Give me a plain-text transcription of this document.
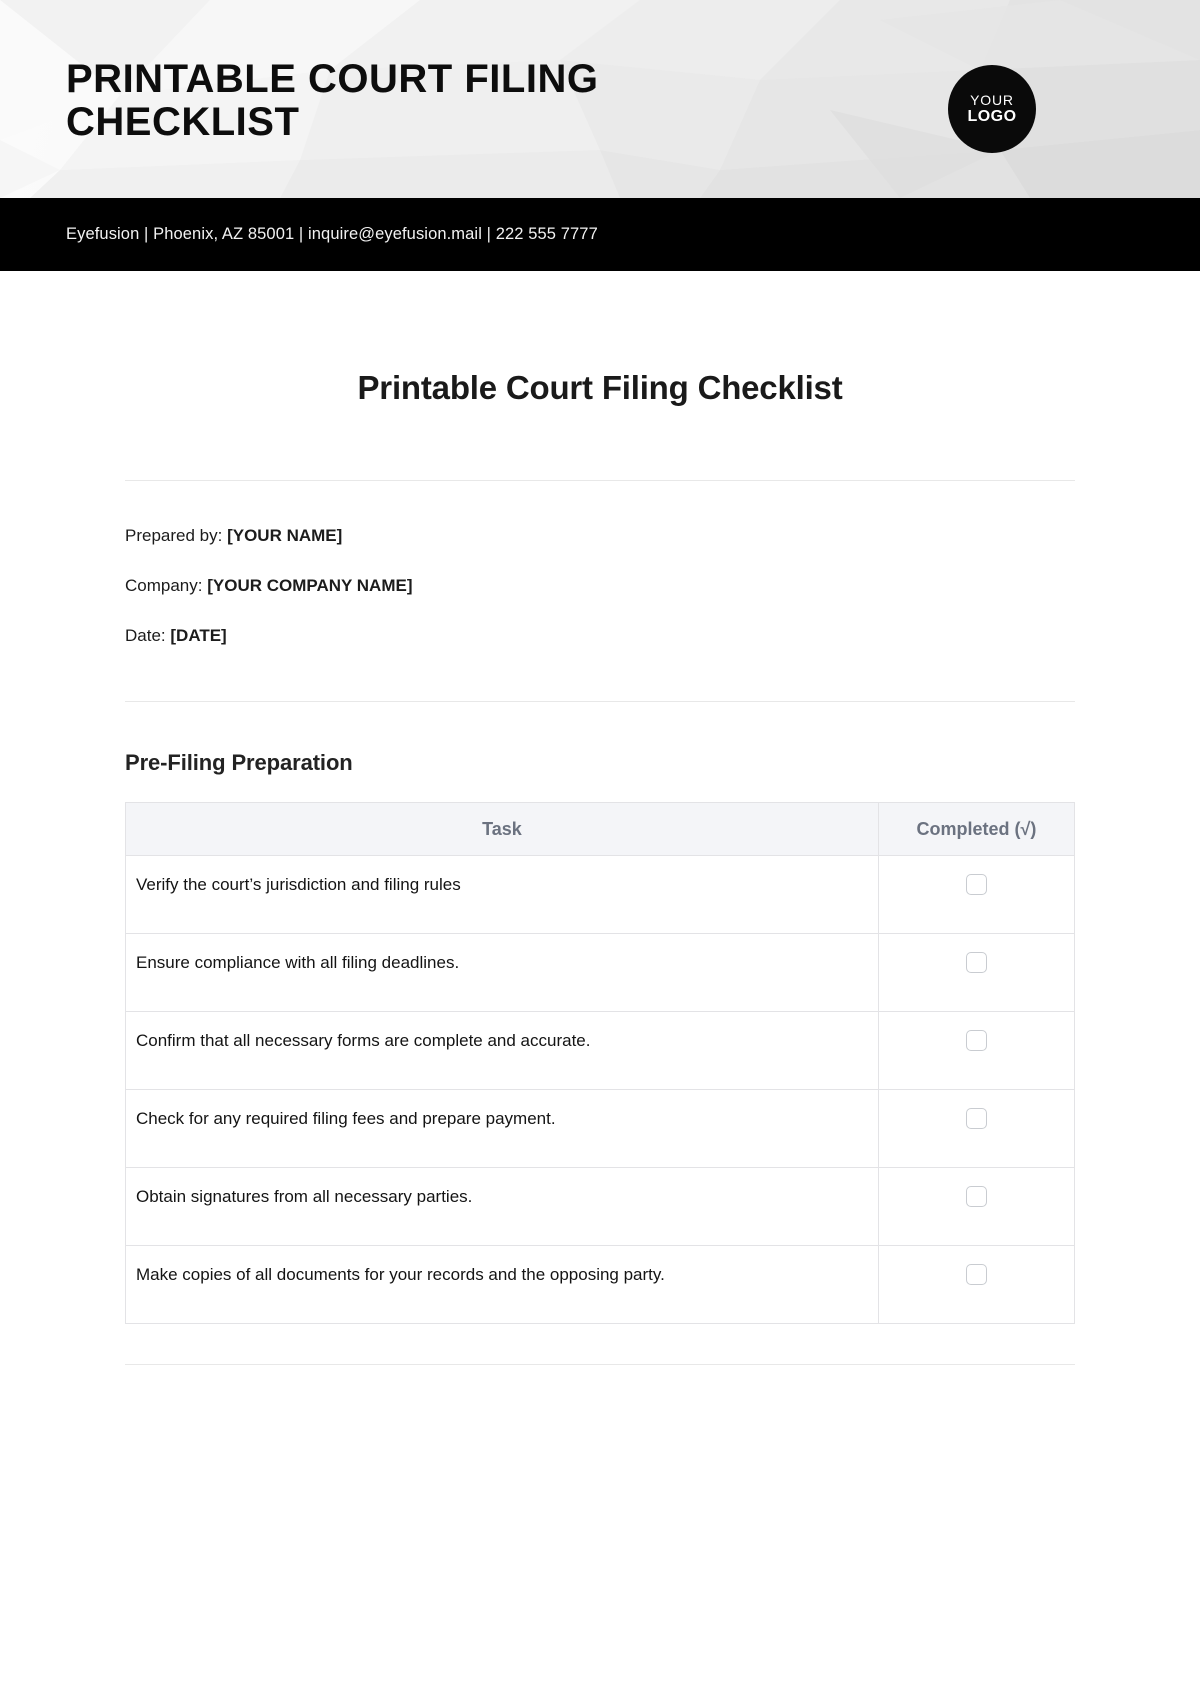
PRINTABLE COURT FILING CHECKLIST
YOUR
LOGO
Eyefusion | Phoenix, AZ 85001 | inquire@eyefusion.mail | 222 555 7777
Printable Court Filing Checklist

Prepared by: [YOUR NAME]

Company: [YOUR COMPANY NAME]

Date: [DATE]

Pre-Filing Preparation
Task	Completed (√)
Verify the court’s jurisdiction and filing rules	
Ensure compliance with all filing deadlines.	
Confirm that all necessary forms are complete and accurate.	
Check for any required filing fees and prepare payment.	
Obtain signatures from all necessary parties.	
Make copies of all documents for your records and the opposing party.	
